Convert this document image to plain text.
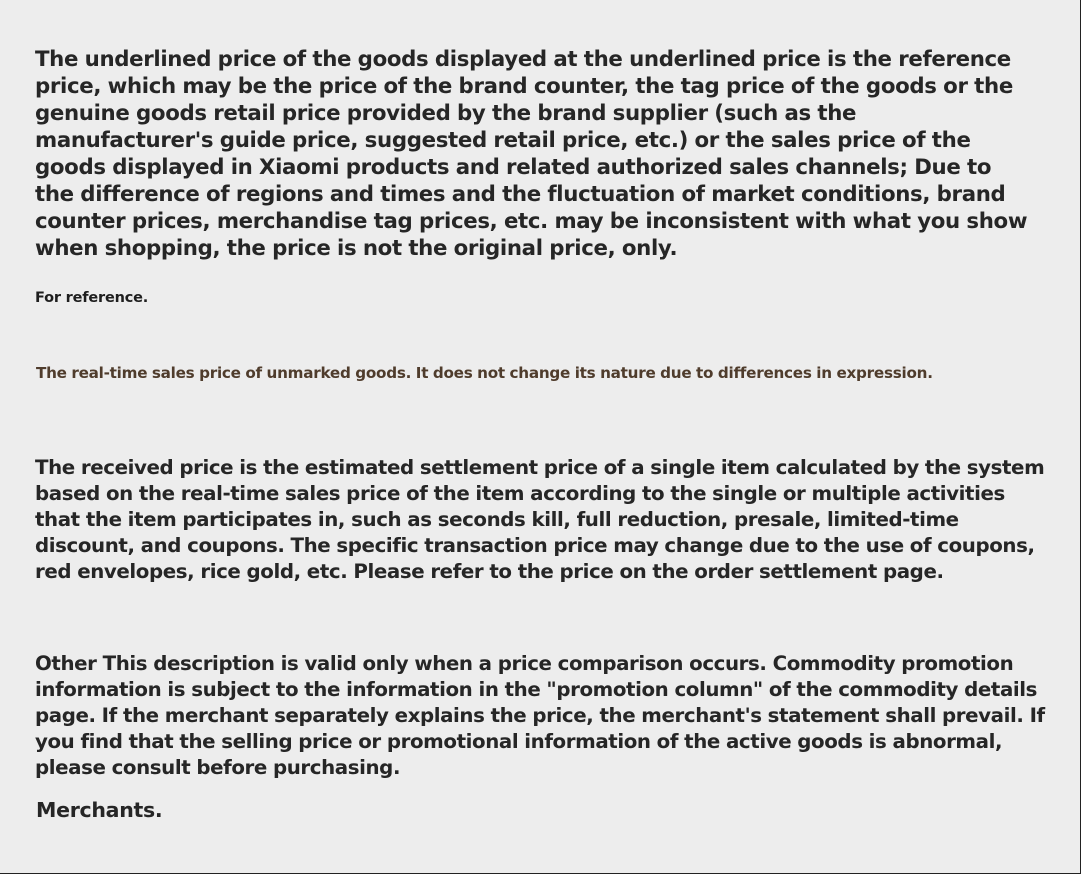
The underlined price of the goods displayed at the underlined price is the reference price, which may be the price of the brand counter, the tag price of the goods or the genuine goods retail price provided by the brand supplier (such as the manufacturer's guide price, suggested retail price, etc.) or the sales price of the goods displayed in Xiaomi products and related authorized sales channels; Due to the difference of regions and times and the fluctuation of market conditions, brand counter prices, merchandise tag prices, etc. may be inconsistent with what you show when shopping, the price is not the original price, only.

For reference.

The real-time sales price of unmarked goods. It does not change its nature due to differences in expression.

The received price is the estimated settlement price of a single item calculated by the system based on the real-time sales price of the item according to the single or multiple activities that the item participates in, such as seconds kill, full reduction, presale, limited-time discount, and coupons. The specific transaction price may change due to the use of coupons, red envelopes, rice gold, etc. Please refer to the price on the order settlement page.

Other This description is valid only when a price comparison occurs. Commodity promotion information is subject to the information in the "promotion column" of the commodity details page. If the merchant separately explains the price, the merchant's statement shall prevail. If you find that the selling price or promotional information of the active goods is abnormal, please consult before purchasing.

Merchants.
